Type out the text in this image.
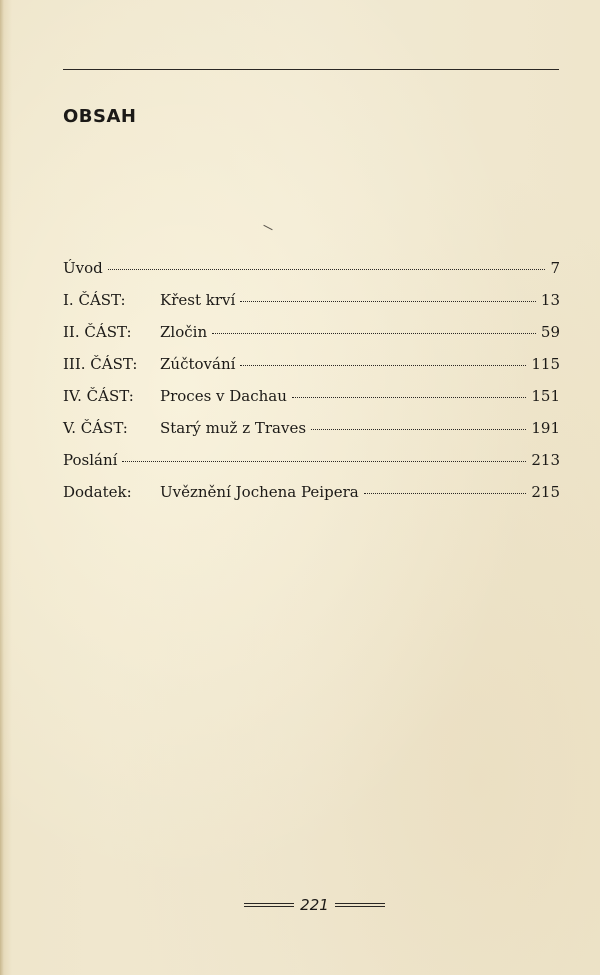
OBSAH
Úvod	7
I. ČÁST:	Křest krví	13
II. ČÁST:	Zločin	59
III. ČÁST:	Zúčtování	115
IV. ČÁST:	Proces v Dachau	151
V. ČÁST:	Starý muž z Traves	191
Poslání	213
Dodatek:	Uvěznění Jochena Peipera	215
221
